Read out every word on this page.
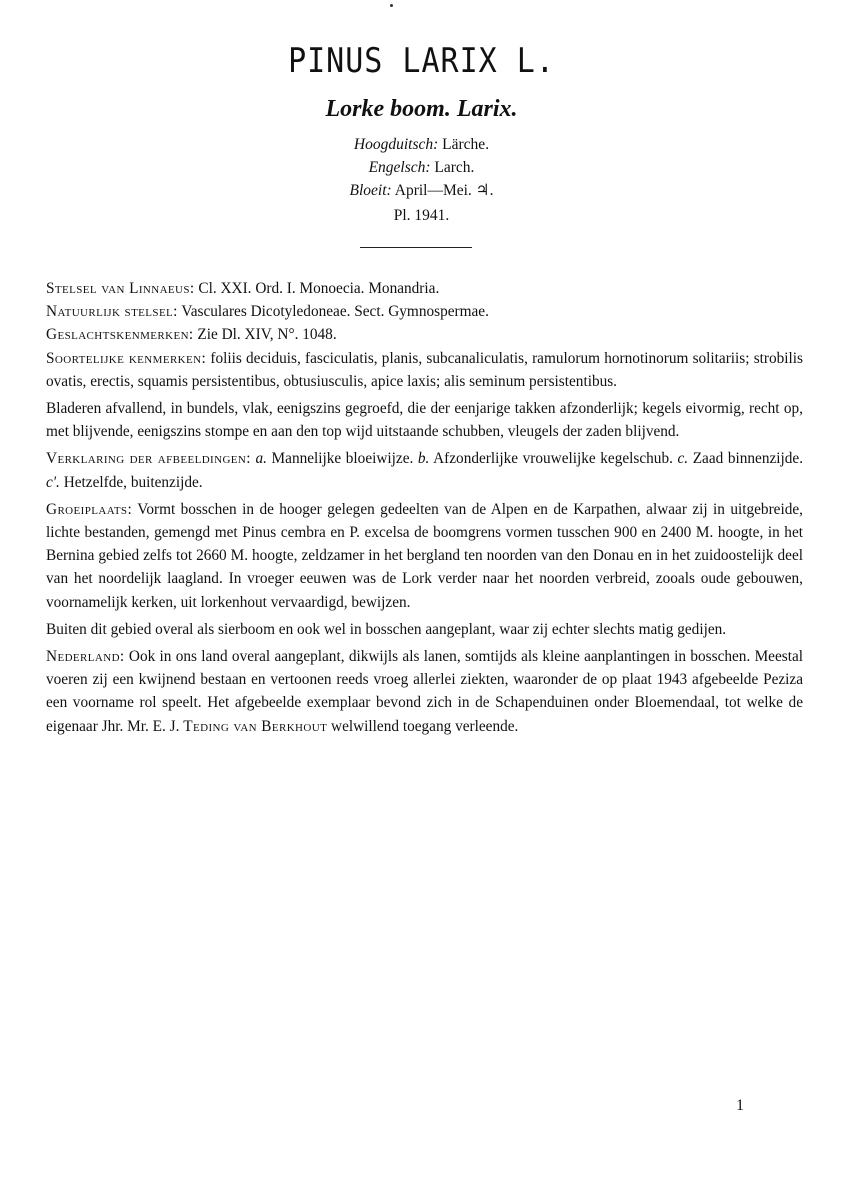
PINUS LARIX L.
Lorke boom. Larix.
Hoogduitsch: Lärche.
Engelsch: Larch.
Bloeit: April—Mei. ♃.
Pl. 1941.

Stelsel van Linnaeus: Cl. XXI. Ord. I. Monoecia. Monandria.

Natuurlijk stelsel: Vasculares Dicotyledoneae. Sect. Gymnospermae.

Geslachtskenmerken: Zie Dl. XIV, N°. 1048.

Soortelijke kenmerken: foliis deciduis, fasciculatis, planis, subcanaliculatis, ramulorum hornotinorum solitariis; strobilis ovatis, erectis, squamis persistentibus, obtusiusculis, apice laxis; alis seminum persistentibus.

Bladeren afvallend, in bundels, vlak, eenigszins gegroefd, die der eenjarige takken afzonderlijk; kegels eivormig, recht op, met blijvende, eenigszins stompe en aan den top wijd uitstaande schubben, vleugels der zaden blijvend.

Verklaring der afbeeldingen: a. Mannelijke bloeiwijze. b. Afzonderlijke vrouwelijke kegelschub. c. Zaad binnenzijde. c'. Hetzelfde, buitenzijde.

Groeiplaats: Vormt bosschen in de hooger gelegen gedeelten van de Alpen en de Karpathen, alwaar zij in uitgebreide, lichte bestanden, gemengd met Pinus cembra en P. excelsa de boomgrens vormen tusschen 900 en 2400 M. hoogte, in het Bernina gebied zelfs tot 2660 M. hoogte, zeldzamer in het bergland ten noorden van den Donau en in het zuidoostelijk deel van het noordelijk laagland. In vroeger eeuwen was de Lork verder naar het noorden verbreid, zooals oude gebouwen, voornamelijk kerken, uit lorkenhout vervaardigd, bewijzen.

Buiten dit gebied overal als sierboom en ook wel in bosschen aangeplant, waar zij echter slechts matig gedijen.

Nederland: Ook in ons land overal aangeplant, dikwijls als lanen, somtijds als kleine aanplantingen in bosschen. Meestal voeren zij een kwijnend bestaan en vertoonen reeds vroeg allerlei ziekten, waaronder de op plaat 1943 afgebeelde Peziza een voorname rol speelt. Het afgebeelde exemplaar bevond zich in de Schapenduinen onder Bloemendaal, tot welke de eigenaar Jhr. Mr. E. J. Teding van Berkhout welwillend toegang verleende.

1
